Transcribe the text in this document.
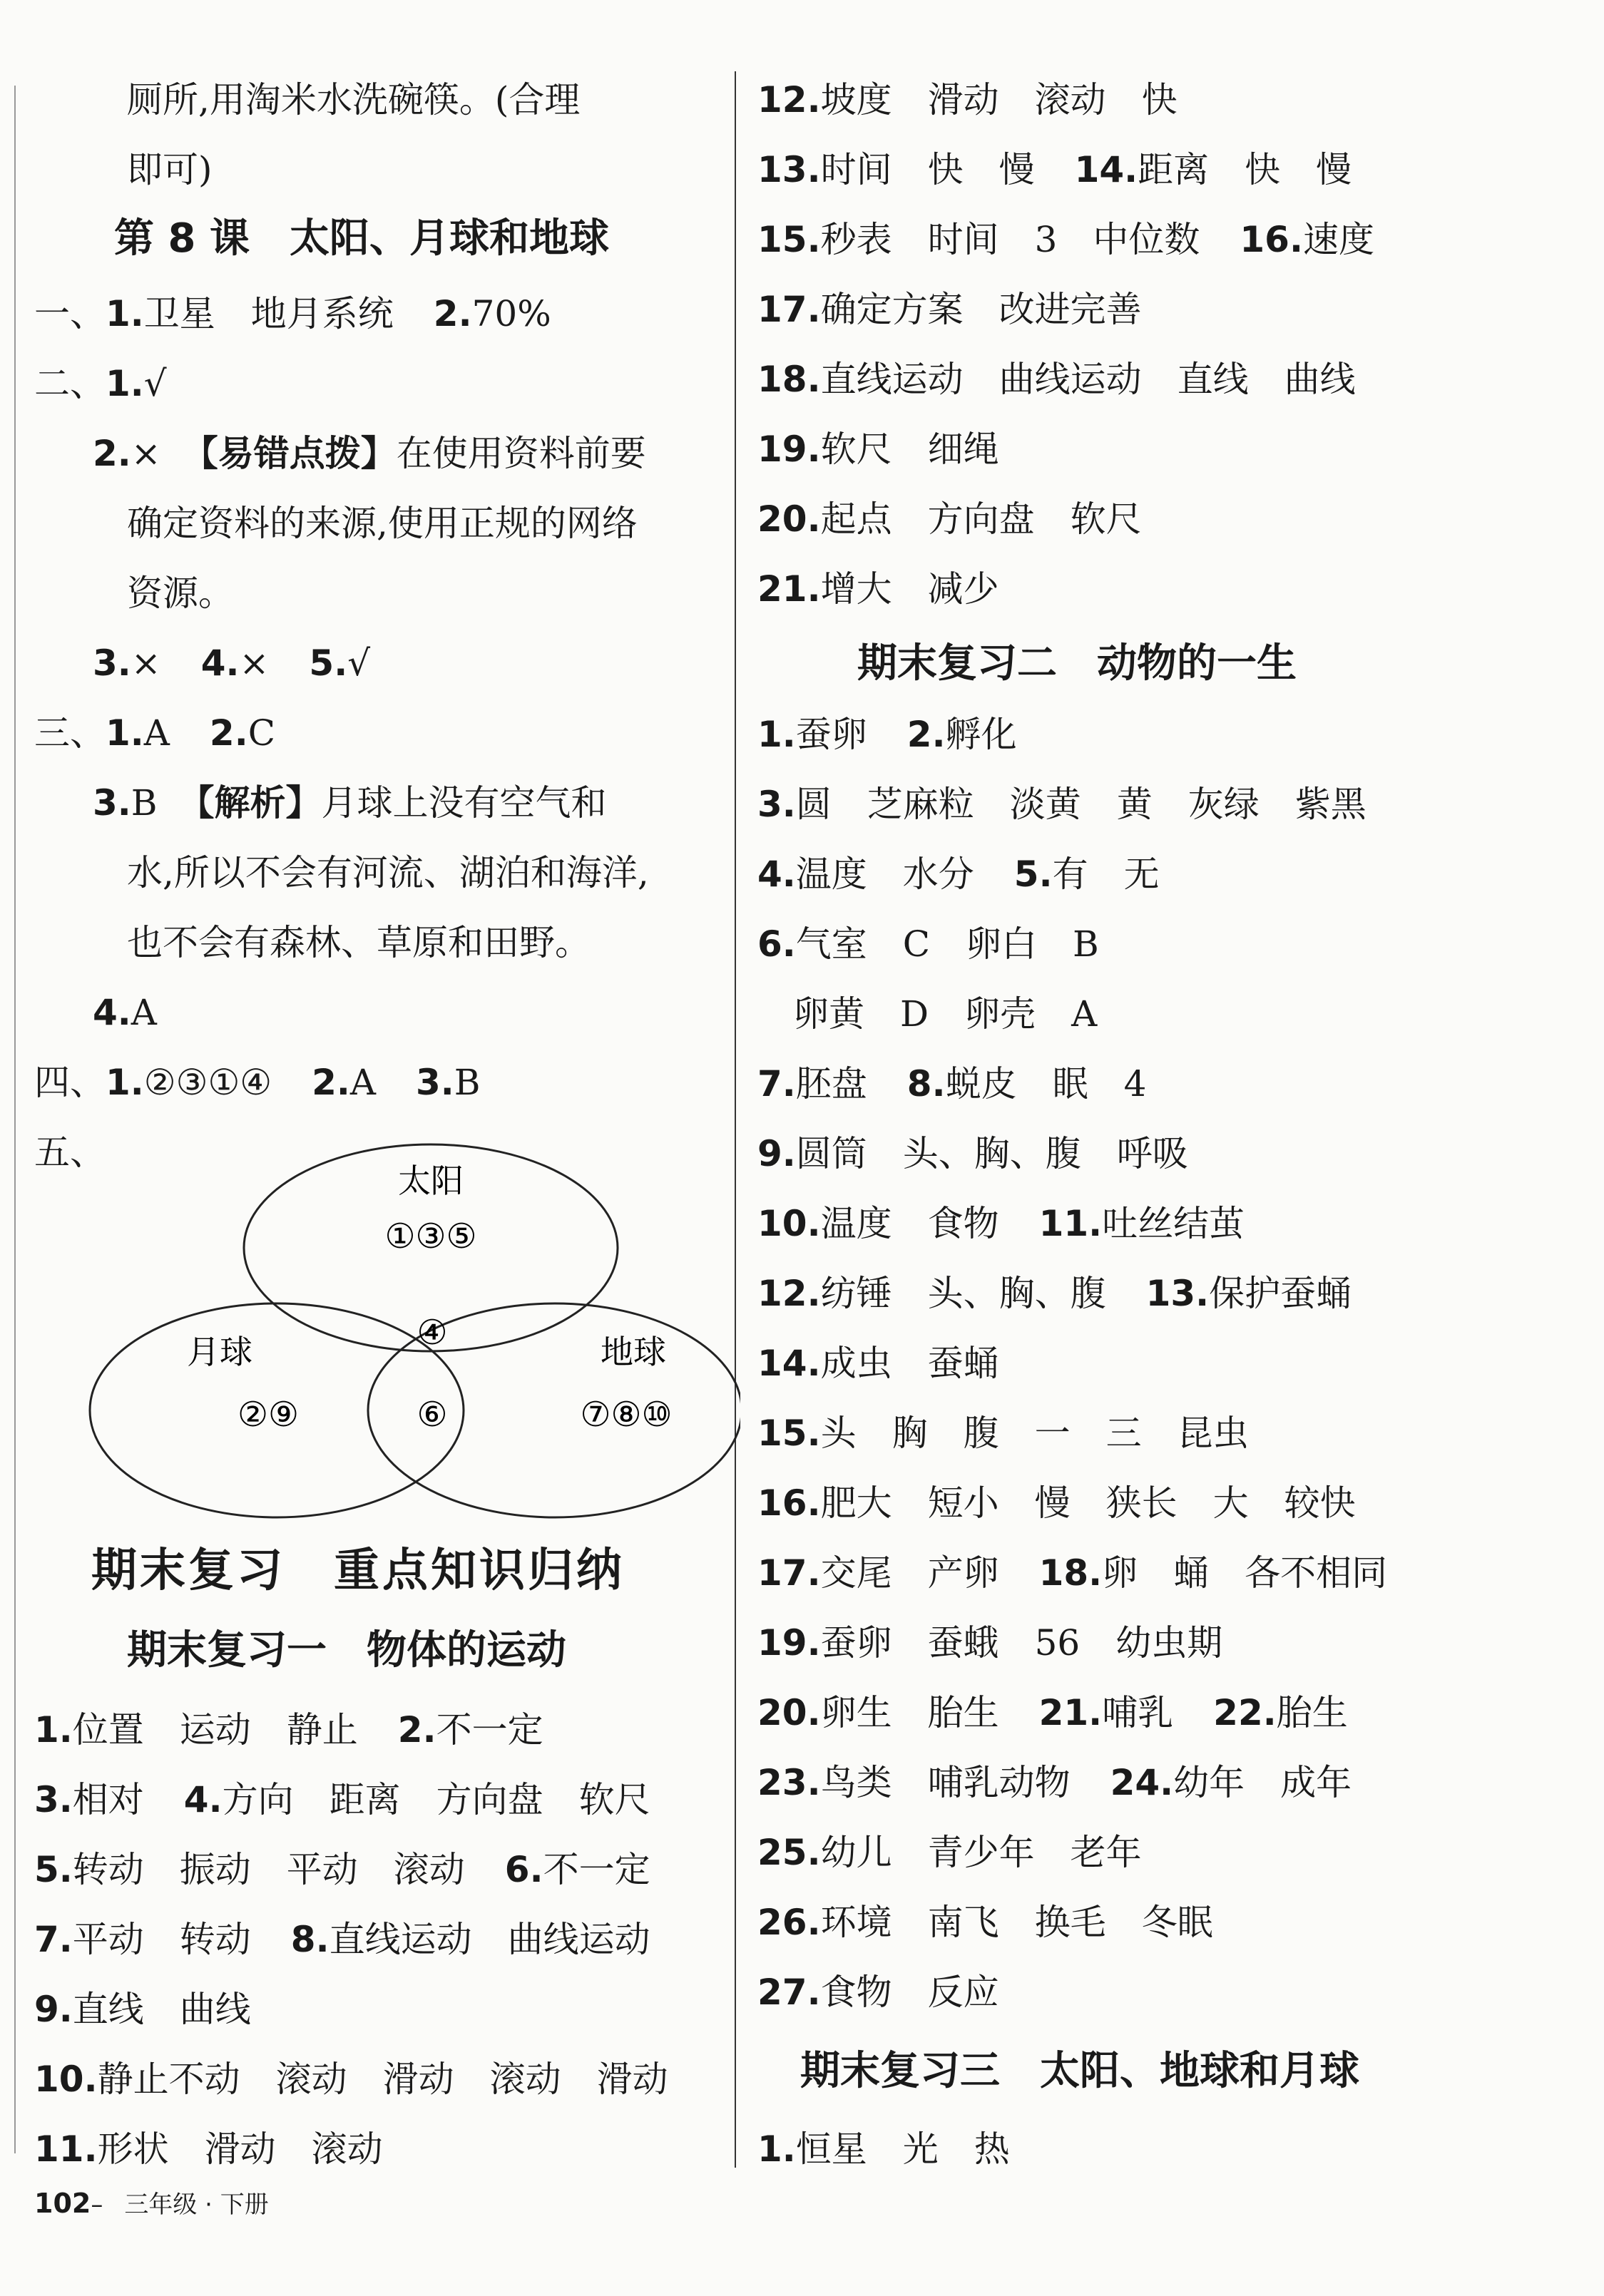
厕所,用淘米水洗碗筷。(合理
即可)
第 8 课　太阳、月球和地球
一、1.卫星　地月系统 2.70%
二、1.√
2.× 【易错点拨】在使用资料前要
确定资料的来源,使用正规的网络
资源。
3.× 4.× 5.√
三、1.A 2.C
3.B 【解析】月球上没有空气和
水,所以不会有河流、湖泊和海洋,
也不会有森林、草原和田野。
4.A
四、1.②③①④ 2.A 3.B
五、
太阳
①③⑤
月球
②⑨
地球
⑦⑧⑩
④
⑥
期末复习　重点知识归纳
期末复习一　物体的运动
1.位置　运动　静止 2.不一定
3.相对 4.方向　距离　方向盘　软尺
5.转动　振动　平动　滚动 6.不一定
7.平动　转动 8.直线运动　曲线运动
9.直线　曲线
10.静止不动　滚动　滑动　滚动　滑动
11.形状　滑动　滚动
102– 三年级 · 下册
12.坡度　滑动　滚动　快
13.时间　快　慢 14.距离　快　慢
15.秒表　时间　3　中位数 16.速度
17.确定方案　改进完善
18.直线运动　曲线运动　直线　曲线
19.软尺　细绳
20.起点　方向盘　软尺
21.增大　减少
期末复习二　动物的一生
1.蚕卵 2.孵化
3.圆　芝麻粒　淡黄　黄　灰绿　紫黑
4.温度　水分 5.有　无
6.气室　C　卵白　B
卵黄　D　卵壳　A
7.胚盘 8.蜕皮　眠　4
9.圆筒　头、胸、腹　呼吸
10.温度　食物 11.吐丝结茧
12.纺锤　头、胸、腹 13.保护蚕蛹
14.成虫　蚕蛹
15.头　胸　腹　一　三　昆虫
16.肥大　短小　慢　狭长　大　较快
17.交尾　产卵 18.卵　蛹　各不相同
19.蚕卵　蚕蛾　56　幼虫期
20.卵生　胎生 21.哺乳 22.胎生
23.鸟类　哺乳动物 24.幼年　成年
25.幼儿　青少年　老年
26.环境　南飞　换毛　冬眠
27.食物　反应
期末复习三　太阳、地球和月球
1.恒星　光　热
